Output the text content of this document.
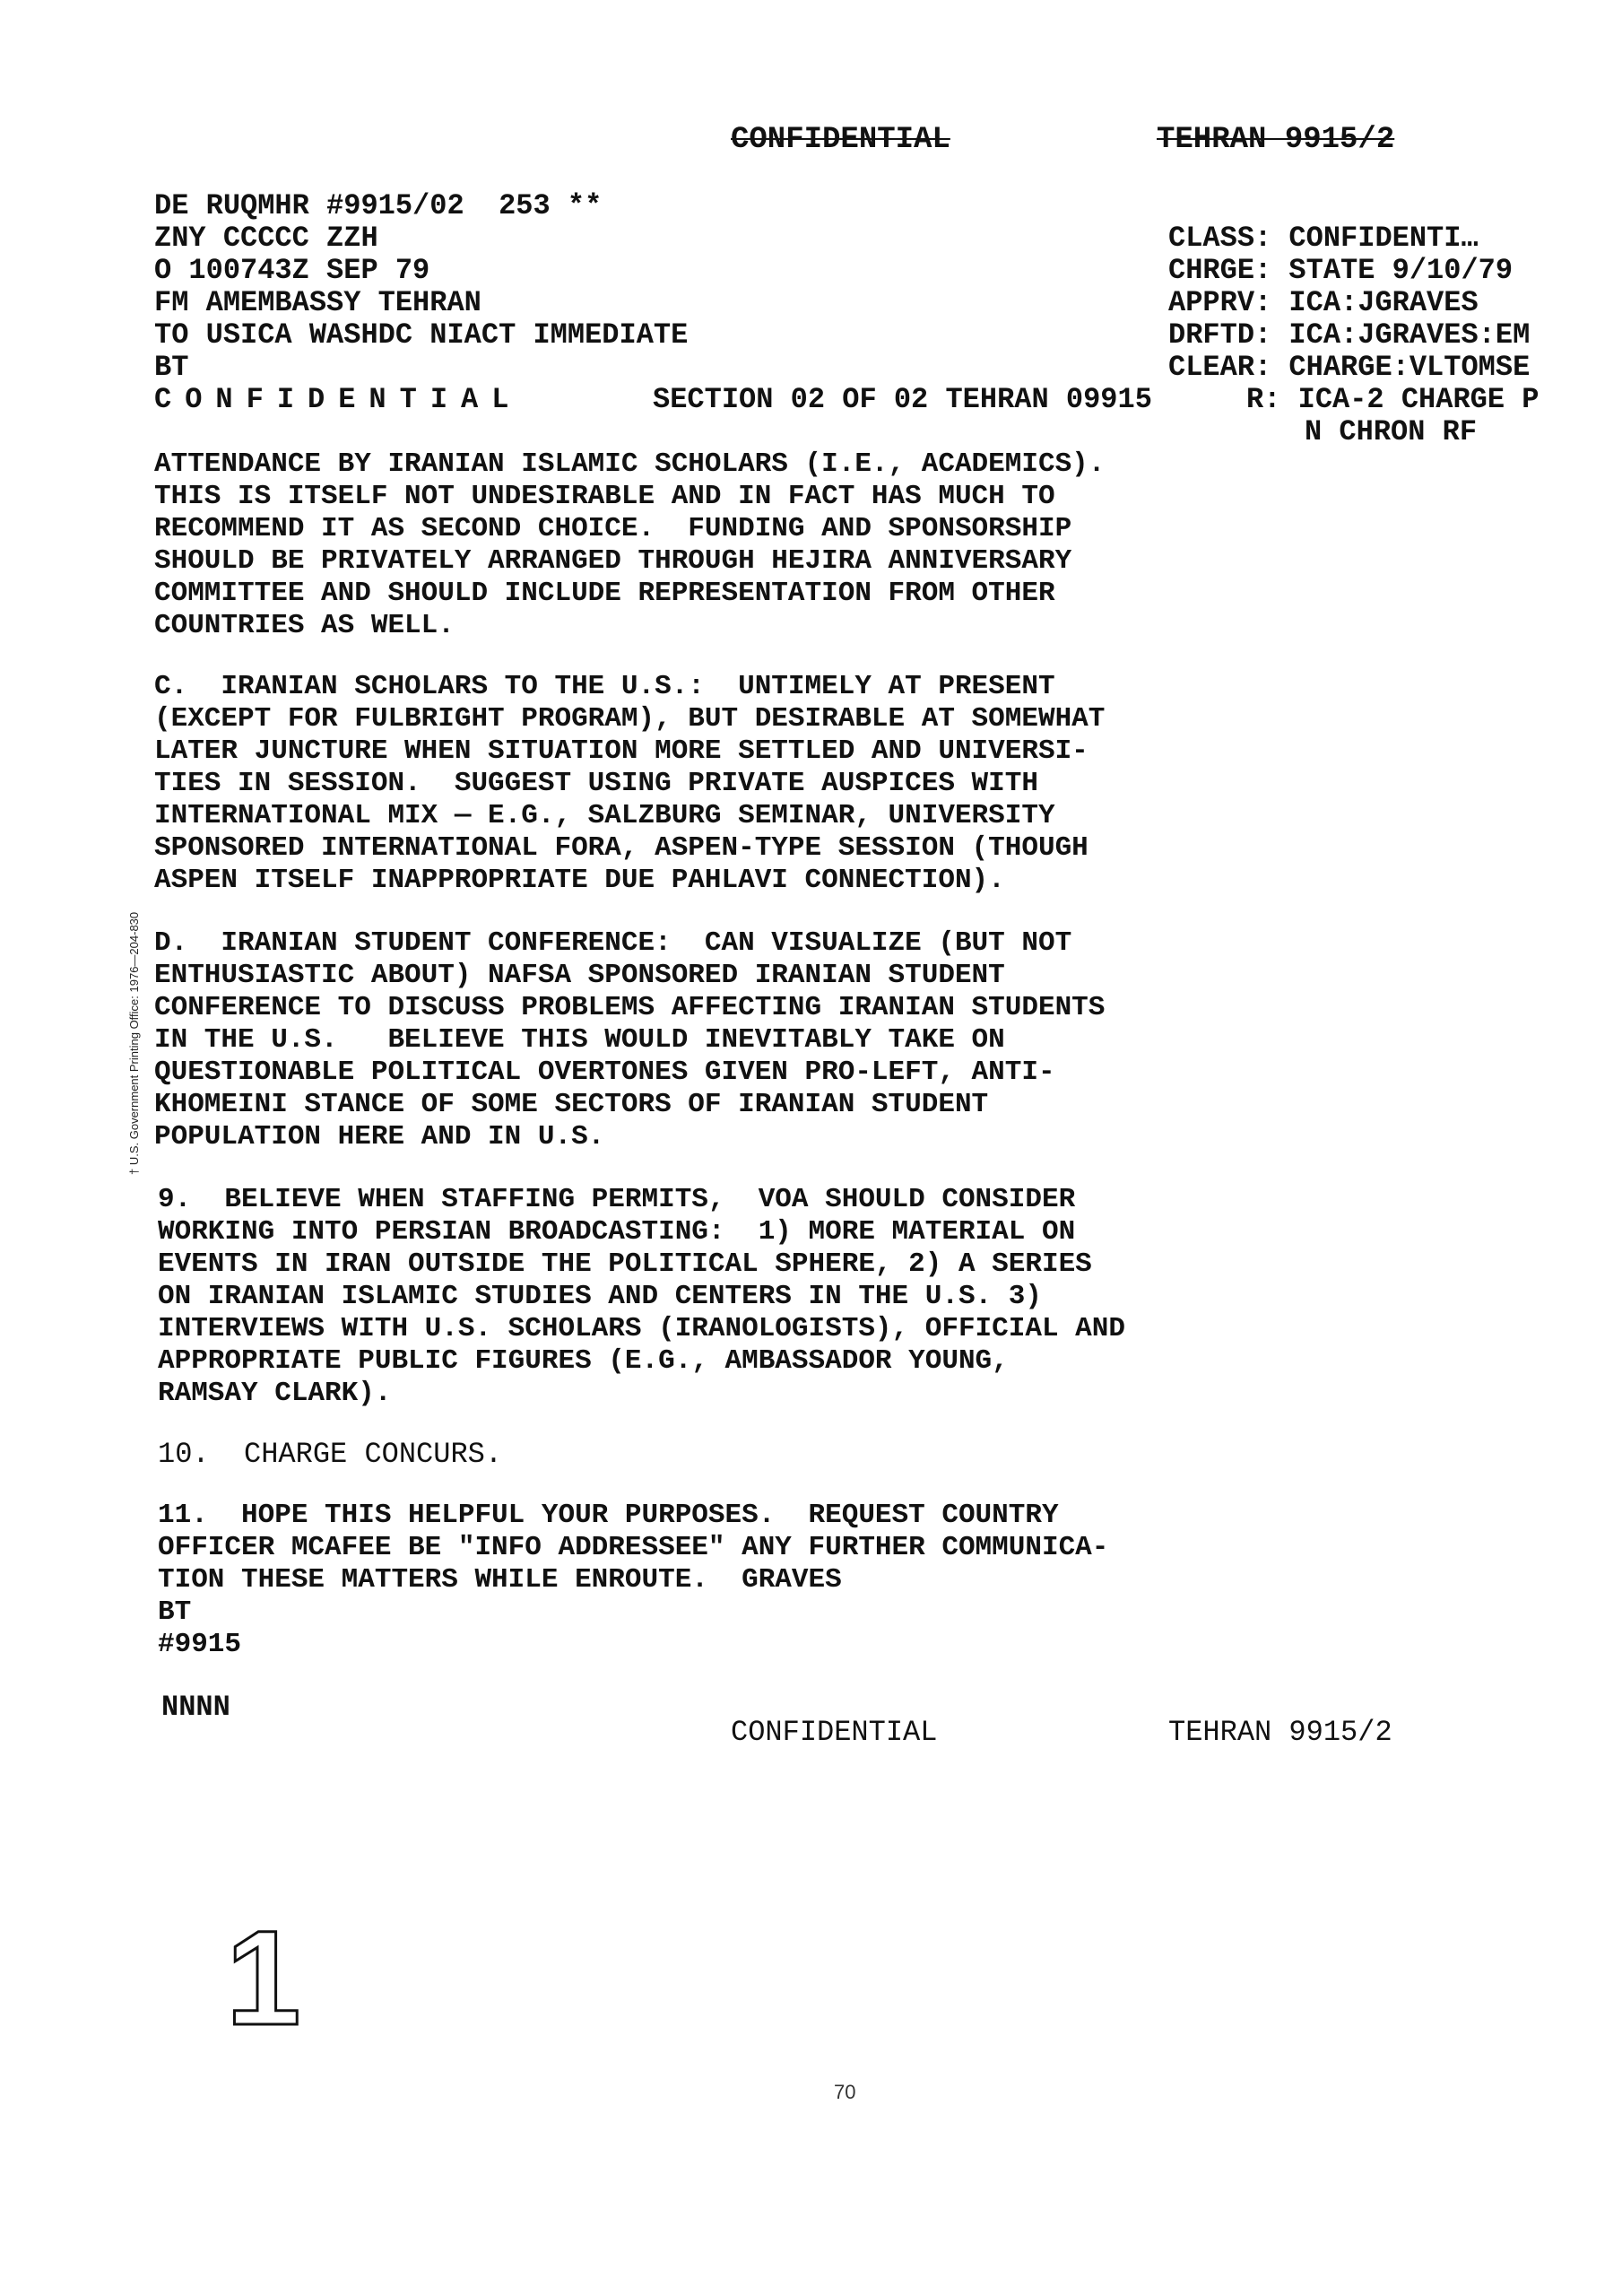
CONFIDENTIAL	TEHRAN 9915/2
DE RUQMHR #9915/02  253 **
ZNY CCCCC ZZH
O 100743Z SEP 79
FM AMEMBASSY TEHRAN
TO USICA WASHDC NIACT IMMEDIATE
BT
CONFIDENTIAL	SECTION 02 OF 02 TEHRAN 09915
CLASS: CONFIDENTI…
CHRGE: STATE 9/10/79
APPRV: ICA:JGRAVES
DRFTD: ICA:JGRAVES:EM
CLEAR: CHARGE:VLTOMSE
R: ICA-2 CHARGE P
N CHRON RF
ATTENDANCE BY IRANIAN ISLAMIC SCHOLARS (I.E., ACADEMICS).
THIS IS ITSELF NOT UNDESIRABLE AND IN FACT HAS MUCH TO
RECOMMEND IT AS SECOND CHOICE.  FUNDING AND SPONSORSHIP
SHOULD BE PRIVATELY ARRANGED THROUGH HEJIRA ANNIVERSARY
COMMITTEE AND SHOULD INCLUDE REPRESENTATION FROM OTHER
COUNTRIES AS WELL.
C.  IRANIAN SCHOLARS TO THE U.S.:  UNTIMELY AT PRESENT
(EXCEPT FOR FULBRIGHT PROGRAM), BUT DESIRABLE AT SOMEWHAT
LATER JUNCTURE WHEN SITUATION MORE SETTLED AND UNIVERSI-
TIES IN SESSION.  SUGGEST USING PRIVATE AUSPICES WITH
INTERNATIONAL MIX — E.G., SALZBURG SEMINAR, UNIVERSITY
SPONSORED INTERNATIONAL FORA, ASPEN-TYPE SESSION (THOUGH
ASPEN ITSELF INAPPROPRIATE DUE PAHLAVI CONNECTION).
D.  IRANIAN STUDENT CONFERENCE:  CAN VISUALIZE (BUT NOT
ENTHUSIASTIC ABOUT) NAFSA SPONSORED IRANIAN STUDENT
CONFERENCE TO DISCUSS PROBLEMS AFFECTING IRANIAN STUDENTS
IN THE U.S.   BELIEVE THIS WOULD INEVITABLY TAKE ON
QUESTIONABLE POLITICAL OVERTONES GIVEN PRO-LEFT, ANTI-
KHOMEINI STANCE OF SOME SECTORS OF IRANIAN STUDENT
POPULATION HERE AND IN U.S.
9.  BELIEVE WHEN STAFFING PERMITS,  VOA SHOULD CONSIDER
WORKING INTO PERSIAN BROADCASTING:  1) MORE MATERIAL ON
EVENTS IN IRAN OUTSIDE THE POLITICAL SPHERE, 2) A SERIES
ON IRANIAN ISLAMIC STUDIES AND CENTERS IN THE U.S. 3)
INTERVIEWS WITH U.S. SCHOLARS (IRANOLOGISTS), OFFICIAL AND
APPROPRIATE PUBLIC FIGURES (E.G., AMBASSADOR YOUNG,
RAMSAY CLARK).
10.  CHARGE CONCURS.
11.  HOPE THIS HELPFUL YOUR PURPOSES.  REQUEST COUNTRY
OFFICER MCAFEE BE "INFO ADDRESSEE" ANY FURTHER COMMUNICA-
TION THESE MATTERS WHILE ENROUTE.  GRAVES
BT
#9915
NNNN
CONFIDENTIAL	TEHRAN 9915/2
† U.S. Government Printing Office: 1976—204-830
1
70
